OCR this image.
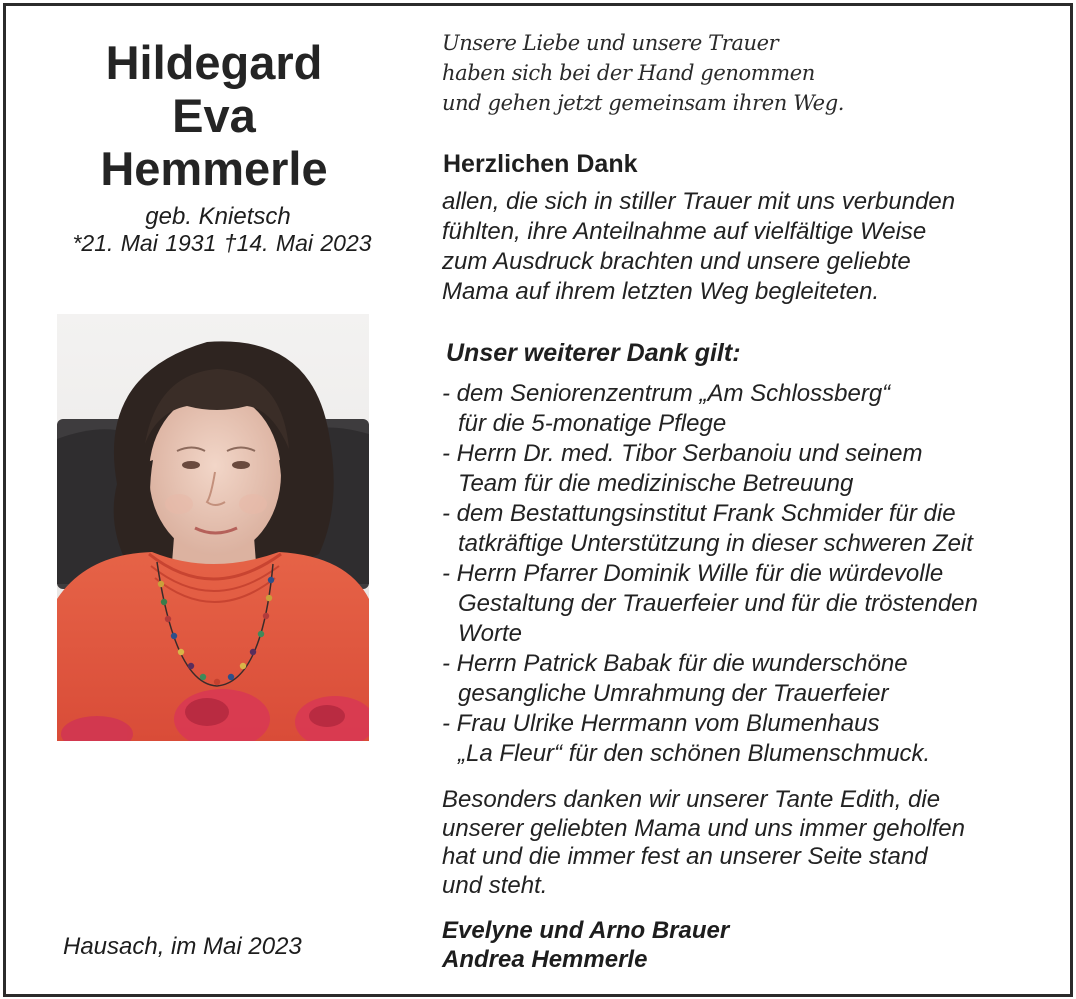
Hildegard
Eva
Hemmerle
geb. Knietsch
*21. Mai 1931 †14. Mai 2023
Hausach, im Mai 2023
Unsere Liebe und unsere Trauer
haben sich bei der Hand genommen
und gehen jetzt gemeinsam ihren Weg.
Herzlichen Dank
allen, die sich in stiller Trauer mit uns verbunden
fühlten, ihre Anteilnahme auf vielfältige Weise
zum Ausdruck brachten und unsere geliebte
Mama auf ihrem letzten Weg begleiteten.
Unser weiterer Dank gilt:
- dem Seniorenzentrum „Am Schlossberg“
für die 5-monatige Pflege
- Herrn Dr. med. Tibor Serbanoiu und seinem
Team für die medizinische Betreuung
- dem Bestattungsinstitut Frank Schmider für die
tatkräftige Unterstützung in dieser schweren Zeit
- Herrn Pfarrer Dominik Wille für die würdevolle
Gestaltung der Trauerfeier und für die tröstenden
Worte
- Herrn Patrick Babak für die wunderschöne
gesangliche Umrahmung der Trauerfeier
- Frau Ulrike Herrmann vom Blumenhaus
„La Fleur“ für den schönen Blumenschmuck.
Besonders danken wir unserer Tante Edith, die
unserer geliebten Mama und uns immer geholfen
hat und die immer fest an unserer Seite stand
und steht.
Evelyne und Arno Brauer
Andrea Hemmerle
